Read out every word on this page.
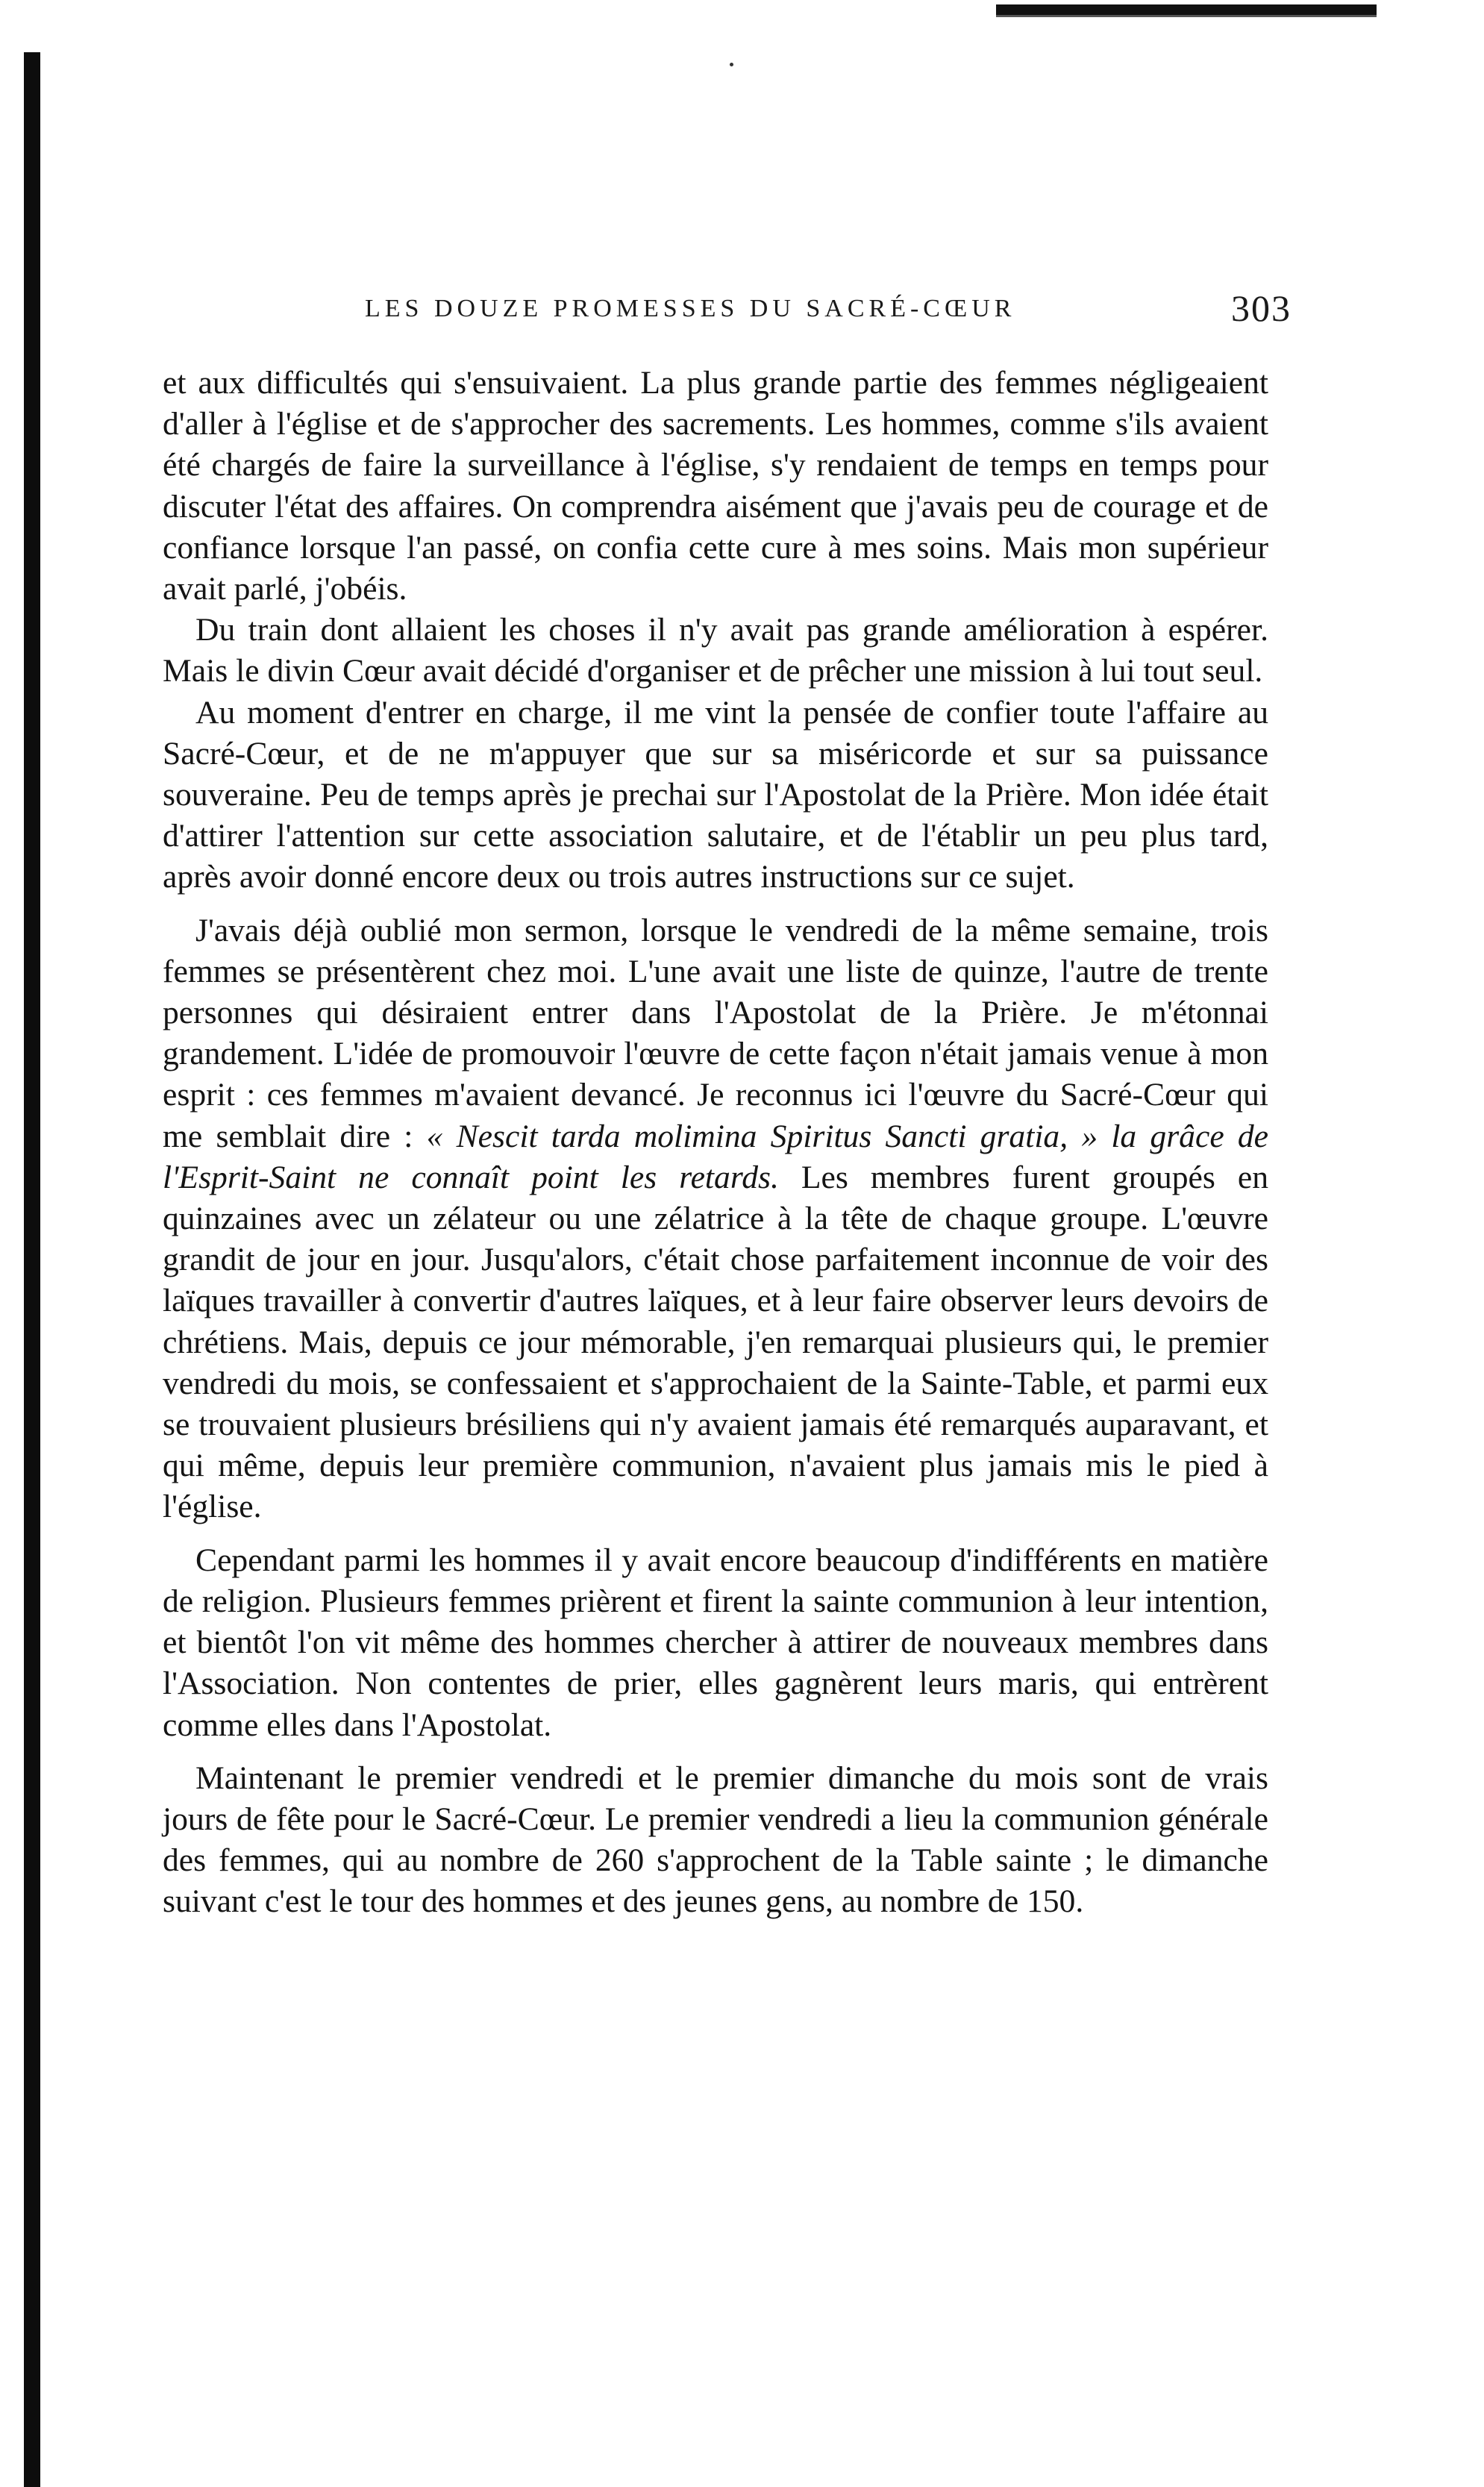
LES DOUZE PROMESSES DU SACRÉ-CŒUR	303

et aux difficultés qui s'ensuivaient. La plus grande partie des femmes négligeaient d'aller à l'église et de s'approcher des sacrements. Les hommes, comme s'ils avaient été chargés de faire la surveillance à l'église, s'y rendaient de temps en temps pour discuter l'état des affaires. On comprendra aisément que j'avais peu de courage et de confiance lorsque l'an passé, on confia cette cure à mes soins. Mais mon supérieur avait parlé, j'obéis.

Du train dont allaient les choses il n'y avait pas grande amélioration à espérer. Mais le divin Cœur avait décidé d'organiser et de prêcher une mission à lui tout seul.

Au moment d'entrer en charge, il me vint la pensée de confier toute l'affaire au Sacré-Cœur, et de ne m'appuyer que sur sa miséricorde et sur sa puissance souveraine. Peu de temps après je prechai sur l'Apostolat de la Prière. Mon idée était d'attirer l'attention sur cette association salutaire, et de l'établir un peu plus tard, après avoir donné encore deux ou trois autres instructions sur ce sujet.

J'avais déjà oublié mon sermon, lorsque le vendredi de la même semaine, trois femmes se présentèrent chez moi. L'une avait une liste de quinze, l'autre de trente personnes qui désiraient entrer dans l'Apostolat de la Prière. Je m'étonnai grandement. L'idée de promouvoir l'œuvre de cette façon n'était jamais venue à mon esprit : ces femmes m'avaient devancé. Je reconnus ici l'œuvre du Sacré-Cœur qui me semblait dire : « Nescit tarda molimina Spiritus Sancti gratia, » la grâce de l'Esprit-Saint ne connaît point les retards. Les membres furent groupés en quinzaines avec un zélateur ou une zélatrice à la tête de chaque groupe. L'œuvre grandit de jour en jour. Jusqu'alors, c'était chose parfaitement inconnue de voir des laïques travailler à convertir d'autres laïques, et à leur faire observer leurs devoirs de chrétiens. Mais, depuis ce jour mémorable, j'en remarquai plusieurs qui, le premier vendredi du mois, se confessaient et s'approchaient de la Sainte-Table, et parmi eux se trouvaient plusieurs brésiliens qui n'y avaient jamais été remarqués auparavant, et qui même, depuis leur première communion, n'avaient plus jamais mis le pied à l'église.

Cependant parmi les hommes il y avait encore beaucoup d'indifférents en matière de religion. Plusieurs femmes prièrent et firent la sainte communion à leur intention, et bientôt l'on vit même des hommes chercher à attirer de nouveaux membres dans l'Association. Non contentes de prier, elles gagnèrent leurs maris, qui entrèrent comme elles dans l'Apostolat.

Maintenant le premier vendredi et le premier dimanche du mois sont de vrais jours de fête pour le Sacré-Cœur. Le premier vendredi a lieu la communion générale des femmes, qui au nombre de 260 s'approchent de la Table sainte ; le dimanche suivant c'est le tour des hommes et des jeunes gens, au nombre de 150.
